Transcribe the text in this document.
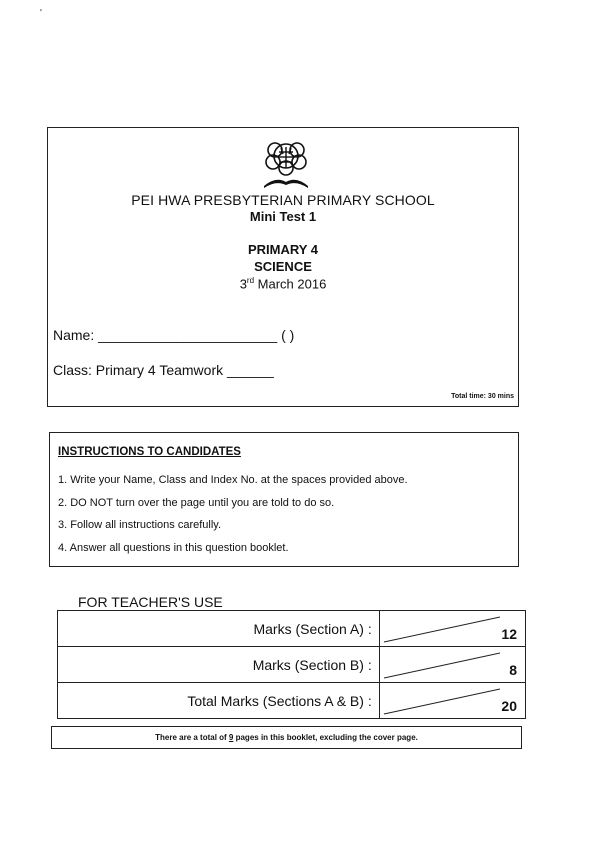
'
PEI HWA PRESBYTERIAN PRIMARY SCHOOL
Mini Test 1
PRIMARY 4
SCIENCE
3rd March 2016
Name: _______________________ ( )
Class: Primary 4 Teamwork ______
Total time: 30 mins
INSTRUCTIONS TO CANDIDATES
1. Write your Name, Class and Index No. at the spaces provided above.
2. DO NOT turn over the page until you are told to do so.
3. Follow all instructions carefully.
4. Answer all questions in this question booklet.
FOR TEACHER'S USE
Marks (Section A) :	12

Marks (Section B) :	8

Total Marks (Sections A & B) :	20
There are a total of 9 pages in this booklet, excluding the cover page.
